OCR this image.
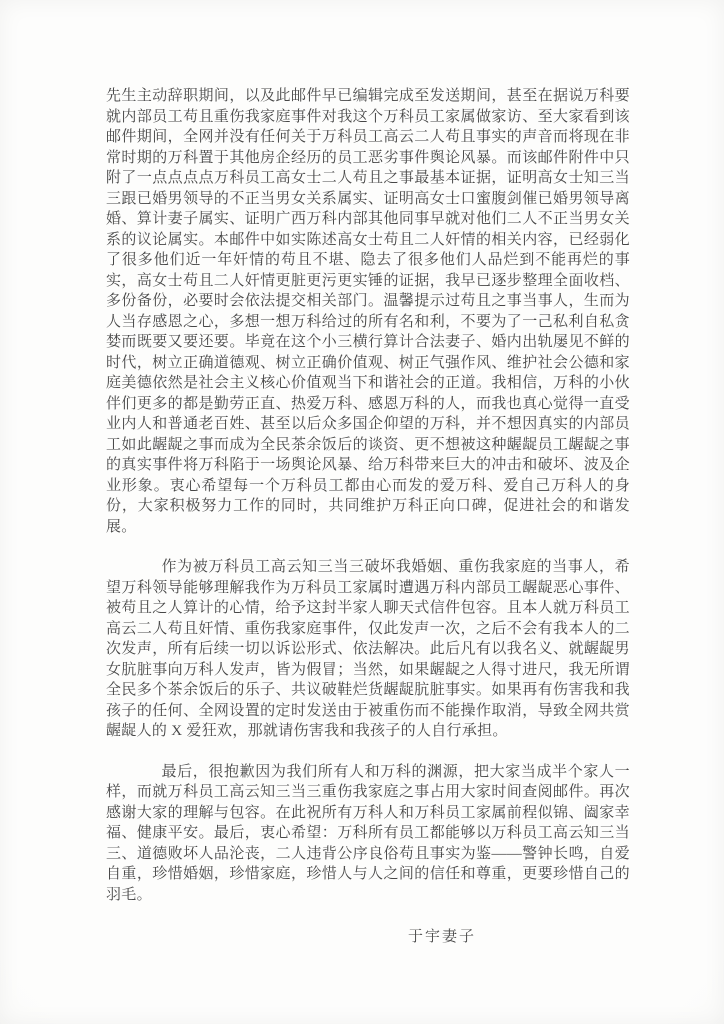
先生主动辞职期间，以及此邮件早已编辑完成至发送期间，甚至在据说万科要就内部员工苟且重伤我家庭事件对我这个万科员工家属做家访、至大家看到该邮件期间，全网并没有任何关于万科员工高云二人苟且事实的声音而将现在非常时期的万科置于其他房企经历的员工恶劣事件舆论风暴。而该邮件附件中只附了一点点点点万科员工高女士二人苟且之事最基本证据，证明高女士知三当三跟已婚男领导的不正当男女关系属实、证明高女士口蜜腹剑催已婚男领导离婚、算计妻子属实、证明广西万科内部其他同事早就对他们二人不正当男女关系的议论属实。本邮件中如实陈述高女士苟且二人奸情的相关内容，已经弱化了很多他们近一年奸情的苟且不堪、隐去了很多他们人品烂到不能再烂的事实，高女士苟且二人奸情更脏更污更实锤的证据，我早已逐步整理全面收档、多份备份，必要时会依法提交相关部门。温馨提示过苟且之事当事人，生而为人当存感恩之心，多想一想万科给过的所有名和利，不要为了一己私利自私贪婪而既要又要还要。毕竟在这个小三横行算计合法妻子、婚内出轨屡见不鲜的时代，树立正确道德观、树立正确价值观、树正气强作风、维护社会公德和家庭美德依然是社会主义核心价值观当下和谐社会的正道。我相信，万科的小伙伴们更多的都是勤劳正直、热爱万科、感恩万科的人，而我也真心觉得一直受业内人和普通老百姓、甚至以后众多国企仰望的万科，并不想因真实的内部员工如此龌龊之事而成为全民茶余饭后的谈资、更不想被这种龌龊员工龌龊之事的真实事件将万科陷于一场舆论风暴、给万科带来巨大的冲击和破坏、波及企业形象。衷心希望每一个万科员工都由心而发的爱万科、爱自己万科人的身份，大家积极努力工作的同时，共同维护万科正向口碑，促进社会的和谐发展。

作为被万科员工高云知三当三破坏我婚姻、重伤我家庭的当事人，希望万科领导能够理解我作为万科员工家属时遭遇万科内部员工龌龊恶心事件、被苟且之人算计的心情，给予这封半家人聊天式信件包容。且本人就万科员工高云二人苟且奸情、重伤我家庭事件，仅此发声一次，之后不会有我本人的二次发声，所有后续一切以诉讼形式、依法解决。此后凡有以我名义、就龌龊男女肮脏事向万科人发声，皆为假冒；当然，如果龌龊之人得寸进尺，我无所谓全民多个茶余饭后的乐子、共议破鞋烂货龌龊肮脏事实。如果再有伤害我和我孩子的任何、全网设置的定时发送由于被重伤而不能操作取消，导致全网共赏龌龊人的 X 爱狂欢，那就请伤害我和我孩子的人自行承担。

最后，很抱歉因为我们所有人和万科的渊源，把大家当成半个家人一样，而就万科员工高云知三当三重伤我家庭之事占用大家时间查阅邮件。再次感谢大家的理解与包容。在此祝所有万科人和万科员工家属前程似锦、阖家幸福、健康平安。最后，衷心希望：万科所有员工都能够以万科员工高云知三当三、道德败坏人品沦丧，二人违背公序良俗苟且事实为鉴——警钟长鸣，自爱自重，珍惜婚姻，珍惜家庭，珍惜人与人之间的信任和尊重，更要珍惜自己的羽毛。

于宇妻子
